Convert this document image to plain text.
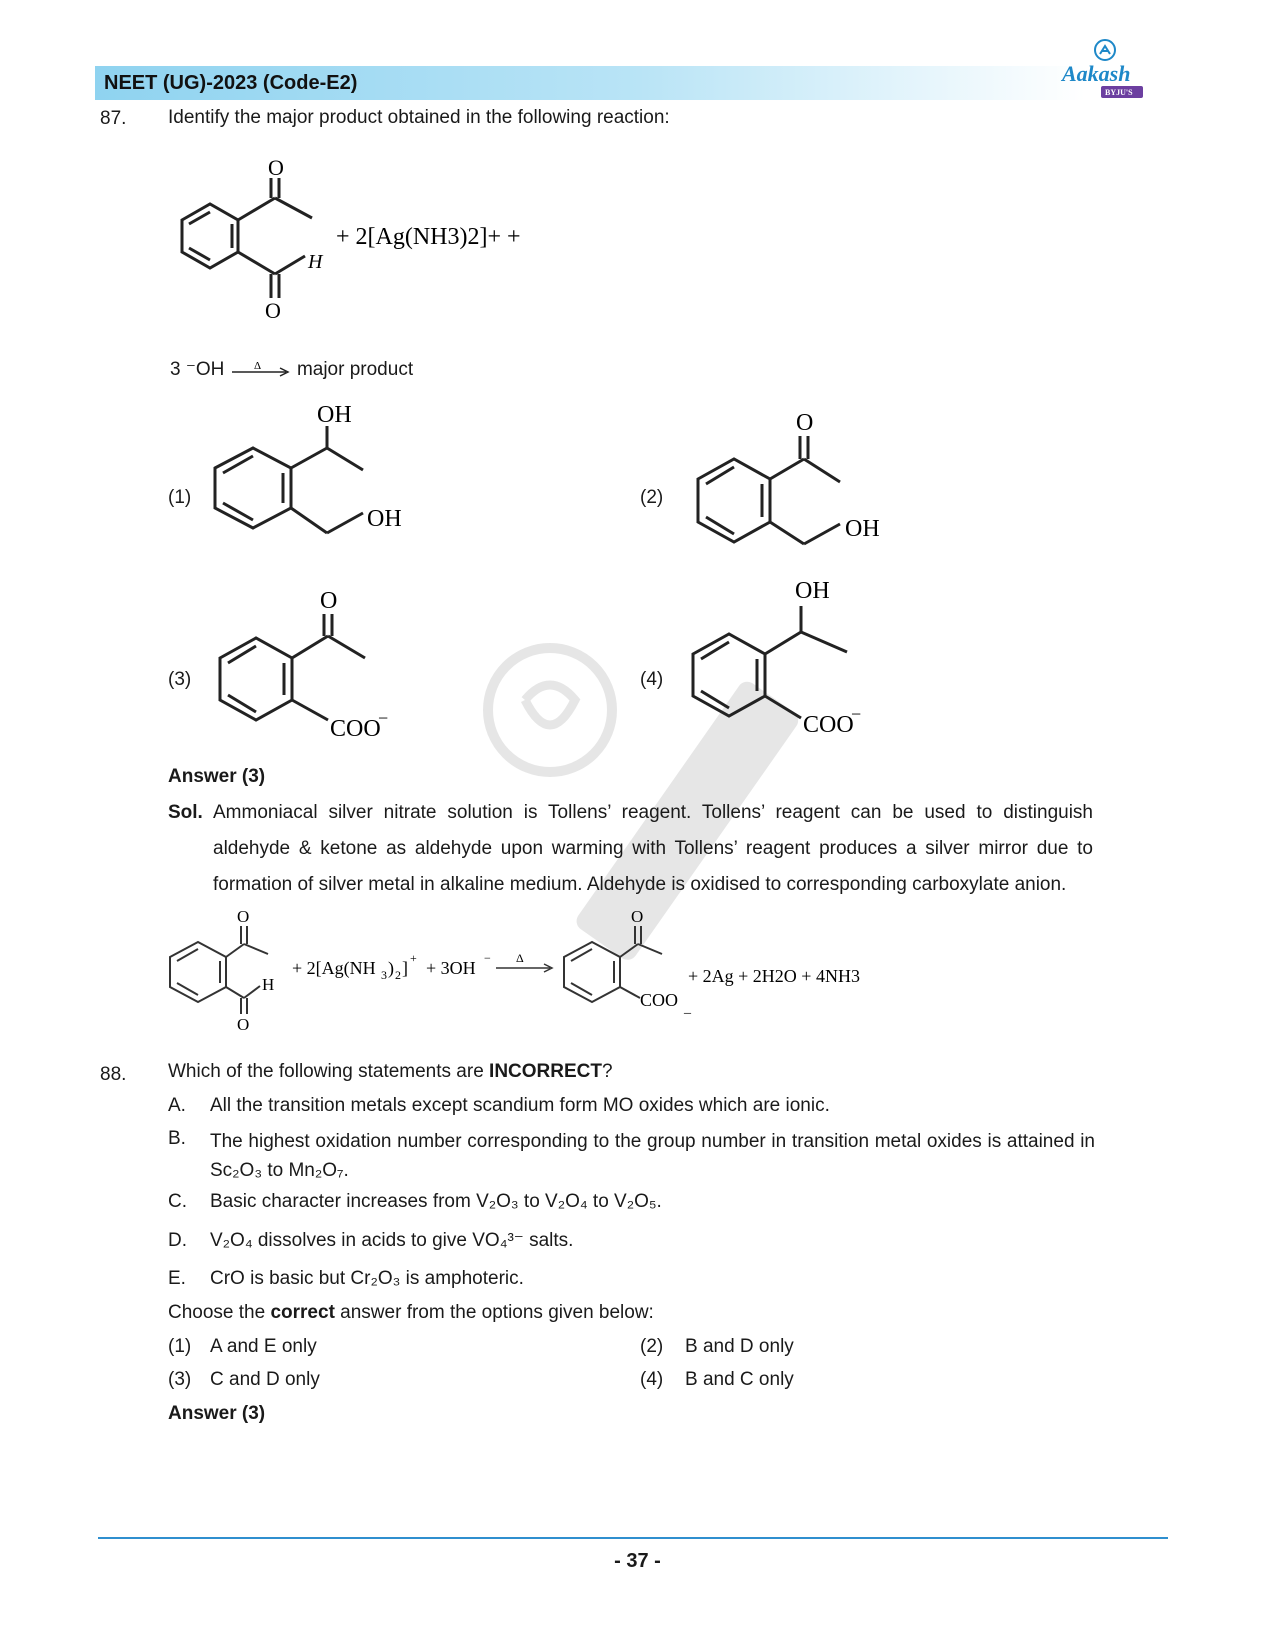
NEET (UG)-2023 (Code-E2)	Aakash
BYJU'S
87. Identify the major product obtained in the following reaction:
O
O
H
+ 2[Ag(NH3)2]+ +
3 ⁻OH	Δ major product
(1)
OH
OH
(2)
O
OH
(3)
O
COO
−
(4)
OH
COO
−
Answer (3)
Sol. Ammoniacal silver nitrate solution is Tollens’ reagent. Tollens’ reagent can be used to distinguish aldehyde & ketone as aldehyde upon warming with Tollens’ reagent produces a silver mirror due to formation of silver metal in alkaline medium. Aldehyde is oxidised to corresponding carboxylate anion.
O
O
H
+ 2[Ag(NH 3 ) 2 ] + + 3OH − Δ
O
COO _
+ 2Ag + 2H2O + 4NH3
88. Which of the following statements are INCORRECT?
A. All the transition metals except scandium form MO oxides which are ionic.
B. The highest oxidation number corresponding to the group number in transition metal oxides is attained in Sc₂O₃ to Mn₂O₇.
C. Basic character increases from V₂O₃ to V₂O₄ to V₂O₅.
D. V₂O₄ dissolves in acids to give VO₄³⁻ salts.
E. CrO is basic but Cr₂O₃ is amphoteric.
Choose the correct answer from the options given below:
(1) A and E only	(2) B and D only
(3) C and D only	(4) B and C only
Answer (3)
- 37 -
